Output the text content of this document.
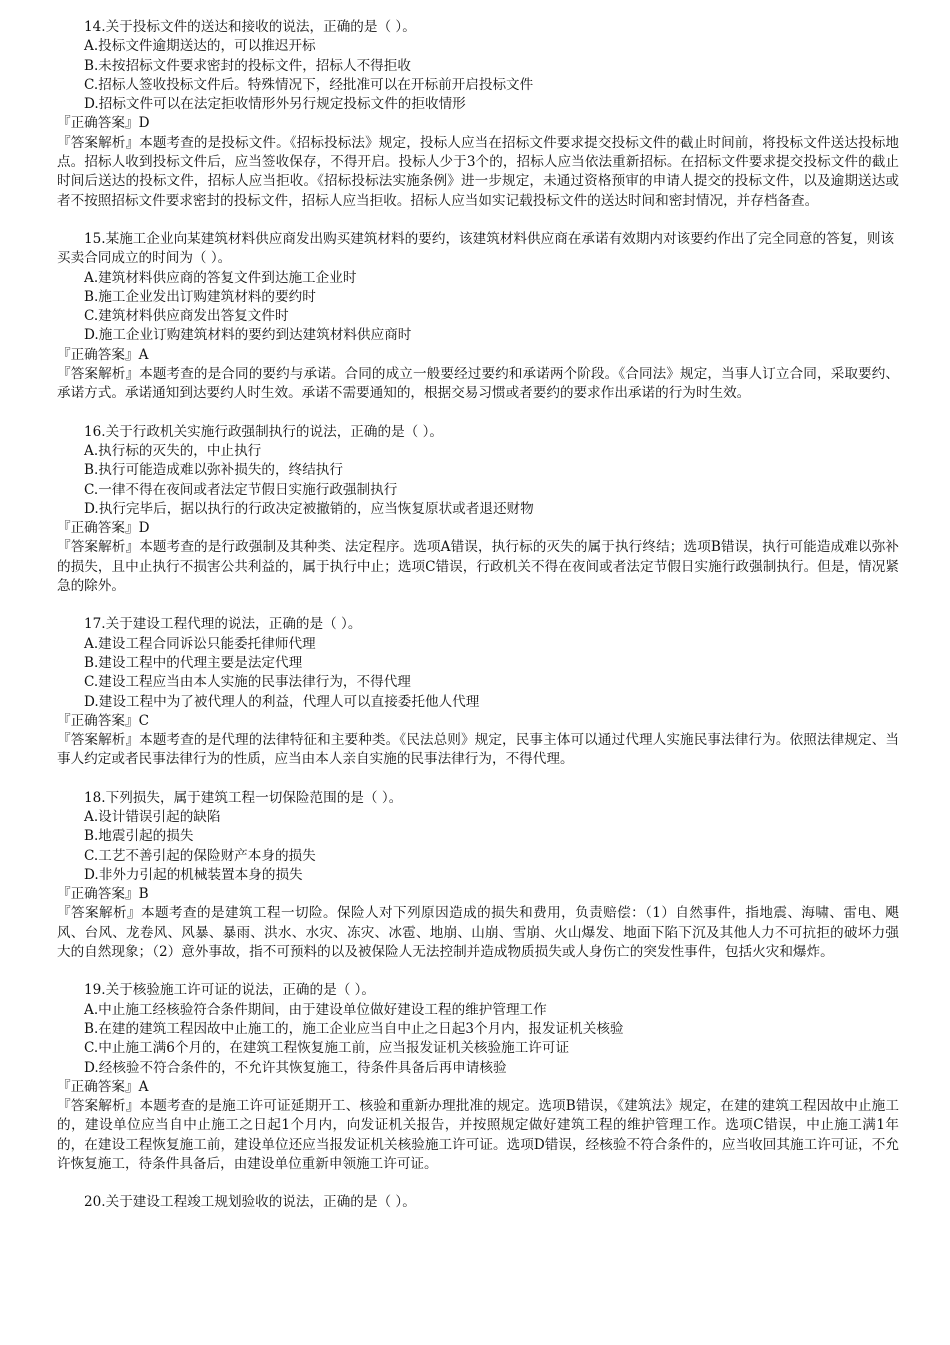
14.关于投标文件的送达和接收的说法，正确的是（ ）。
A.投标文件逾期送达的，可以推迟开标
B.未按招标文件要求密封的投标文件，招标人不得拒收
C.招标人签收投标文件后。特殊情况下，经批准可以在开标前开启投标文件
D.招标文件可以在法定拒收情形外另行规定投标文件的拒收情形
『正确答案』D
『答案解析』本题考查的是投标文件。《招标投标法》规定，投标人应当在招标文件要求提交投标文件的截止时间前，将投标文件送达投标地点。招标人收到投标文件后，应当签收保存，不得开启。投标人少于3个的，招标人应当依法重新招标。在招标文件要求提交投标文件的截止时间后送达的投标文件，招标人应当拒收。《招标投标法实施条例》进一步规定，未通过资格预审的申请人提交的投标文件，以及逾期送达或者不按照招标文件要求密封的投标文件，招标人应当拒收。招标人应当如实记载投标文件的送达时间和密封情况，并存档备查。
15.某施工企业向某建筑材料供应商发出购买建筑材料的要约，该建筑材料供应商在承诺有效期内对该要约作出了完全同意的答复，则该买卖合同成立的时间为（ ）。
A.建筑材料供应商的答复文件到达施工企业时
B.施工企业发出订购建筑材料的要约时
C.建筑材料供应商发出答复文件时
D.施工企业订购建筑材料的要约到达建筑材料供应商时
『正确答案』A
『答案解析』本题考查的是合同的要约与承诺。合同的成立一般要经过要约和承诺两个阶段。《合同法》规定，当事人订立合同，采取要约、承诺方式。承诺通知到达要约人时生效。承诺不需要通知的，根据交易习惯或者要约的要求作出承诺的行为时生效。
16.关于行政机关实施行政强制执行的说法，正确的是（ ）。
A.执行标的灭失的，中止执行
B.执行可能造成难以弥补损失的，终结执行
C.一律不得在夜间或者法定节假日实施行政强制执行
D.执行完毕后，据以执行的行政决定被撤销的，应当恢复原状或者退还财物
『正确答案』D
『答案解析』本题考查的是行政强制及其种类、法定程序。选项A错误，执行标的灭失的属于执行终结；选项B错误，执行可能造成难以弥补的损失，且中止执行不损害公共利益的，属于执行中止；选项C错误，行政机关不得在夜间或者法定节假日实施行政强制执行。但是，情况紧急的除外。
17.关于建设工程代理的说法，正确的是（ ）。
A.建设工程合同诉讼只能委托律师代理
B.建设工程中的代理主要是法定代理
C.建设工程应当由本人实施的民事法律行为，不得代理
D.建设工程中为了被代理人的利益，代理人可以直接委托他人代理
『正确答案』C
『答案解析』本题考查的是代理的法律特征和主要种类。《民法总则》规定，民事主体可以通过代理人实施民事法律行为。依照法律规定、当事人约定或者民事法律行为的性质，应当由本人亲自实施的民事法律行为，不得代理。
18.下列损失，属于建筑工程一切保险范围的是（ ）。
A.设计错误引起的缺陷
B.地震引起的损失
C.工艺不善引起的保险财产本身的损失
D.非外力引起的机械装置本身的损失
『正确答案』B
『答案解析』本题考查的是建筑工程一切险。保险人对下列原因造成的损失和费用，负责赔偿：（1）自然事件，指地震、海啸、雷电、飓风、台风、龙卷风、风暴、暴雨、洪水、水灾、冻灾、冰雹、地崩、山崩、雪崩、火山爆发、地面下陷下沉及其他人力不可抗拒的破坏力强大的自然现象；（2）意外事故，指不可预料的以及被保险人无法控制并造成物质损失或人身伤亡的突发性事件，包括火灾和爆炸。
19.关于核验施工许可证的说法，正确的是（ ）。
A.中止施工经核验符合条件期间，由于建设单位做好建设工程的维护管理工作
B.在建的建筑工程因故中止施工的，施工企业应当自中止之日起3个月内，报发证机关核验
C.中止施工满6个月的，在建筑工程恢复施工前，应当报发证机关核验施工许可证
D.经核验不符合条件的，不允许其恢复施工，待条件具备后再申请核验
『正确答案』A
『答案解析』本题考查的是施工许可证延期开工、核验和重新办理批准的规定。选项B错误，《建筑法》规定，在建的建筑工程因故中止施工的，建设单位应当自中止施工之日起1个月内，向发证机关报告，并按照规定做好建筑工程的维护管理工作。选项C错误，中止施工满1年的，在建设工程恢复施工前，建设单位还应当报发证机关核验施工许可证。选项D错误，经核验不符合条件的，应当收回其施工许可证，不允许恢复施工，待条件具备后，由建设单位重新申领施工许可证。
20.关于建设工程竣工规划验收的说法，正确的是（ ）。
